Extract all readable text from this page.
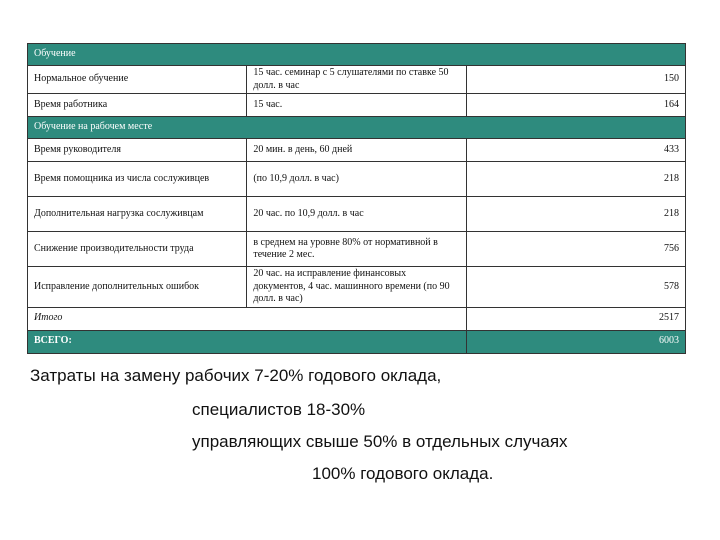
Обучение		
Нормальное обучение	15 час. семинар с 5 слушателями по ставке 50 долл. в час	150
Время работника	15 час.	164
Обучение на рабочем месте		
Время руководителя	20 мин. в день, 60 дней	433
Время помощника из числа сослуживцев	(по 10,9 долл. в час)	218
Дополнительная нагрузка сослуживцам	20 час. по 10,9 долл. в час	218
Снижение производительности труда	в среднем на уровне 80% от нормативной в течение 2 мес.	756
Исправление дополнительных ошибок	20 час. на исправление финансовых документов, 4 час. машинного времени (по 90 долл. в час)	578
Итого		2517
ВСЕГО:		6003
Затраты на замену рабочих 7-20% годового оклада,
специалистов 18-30%
управляющих свыше 50% в отдельных случаях
100% годового оклада.
